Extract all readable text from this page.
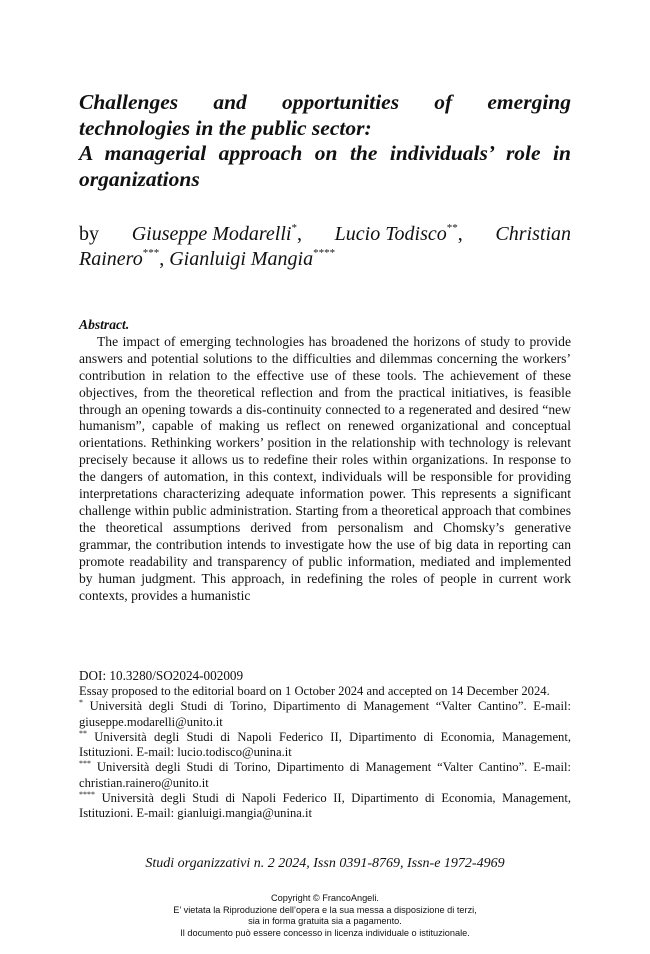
Challenges and opportunities of emerging
technologies in the public sector:
A managerial approach on the individuals’ role in
organizations
by Giuseppe Modarelli*, Lucio Todisco**, Christian
Rainero***, Gianluigi Mangia****
Abstract.

The impact of emerging technologies has broadened the horizons of study to provide answers and potential solutions to the difficulties and dilemmas concerning the workers’ contribution in relation to the effective use of these tools. The achievement of these objectives, from the theoretical reflection and from the practical initiatives, is feasible through an opening towards a dis-continuity connected to a regenerated and desired “new humanism”, capable of making us reflect on renewed organizational and conceptual orientations. Rethinking workers’ position in the relationship with technology is relevant precisely because it allows us to redefine their roles within organizations. In response to the dangers of automation, in this context, individuals will be responsible for providing interpretations characterizing adequate information power. This represents a significant challenge within public administration. Starting from a theoretical approach that combines the theoretical assumptions derived from personalism and Chomsky’s generative grammar, the contribution intends to investigate how the use of big data in reporting can promote readability and transparency of public information, mediated and implemented by human judgment. This approach, in redefining the roles of people in current work contexts, provides a humanistic

DOI: 10.3280/SO2024-002009
Essay proposed to the editorial board on 1 October 2024 and accepted on 14 December 2024.

* Università degli Studi di Torino, Dipartimento di Management “Valter Cantino”. E-mail: giuseppe.modarelli@unito.it

** Università degli Studi di Napoli Federico II, Dipartimento di Economia, Management, Istituzioni. E-mail: lucio.todisco@unina.it

*** Università degli Studi di Torino, Dipartimento di Management “Valter Cantino”. E-mail: christian.rainero@unito.it

**** Università degli Studi di Napoli Federico II, Dipartimento di Economia, Management, Istituzioni. E-mail: gianluigi.mangia@unina.it

Studi organizzativi n. 2 2024, Issn 0391-8769, Issn-e 1972-4969
Copyright © FrancoAngeli.
E’ vietata la Riproduzione dell’opera e la sua messa a disposizione di terzi,
sia in forma gratuita sia a pagamento.
Il documento può essere concesso in licenza individuale o istituzionale.
